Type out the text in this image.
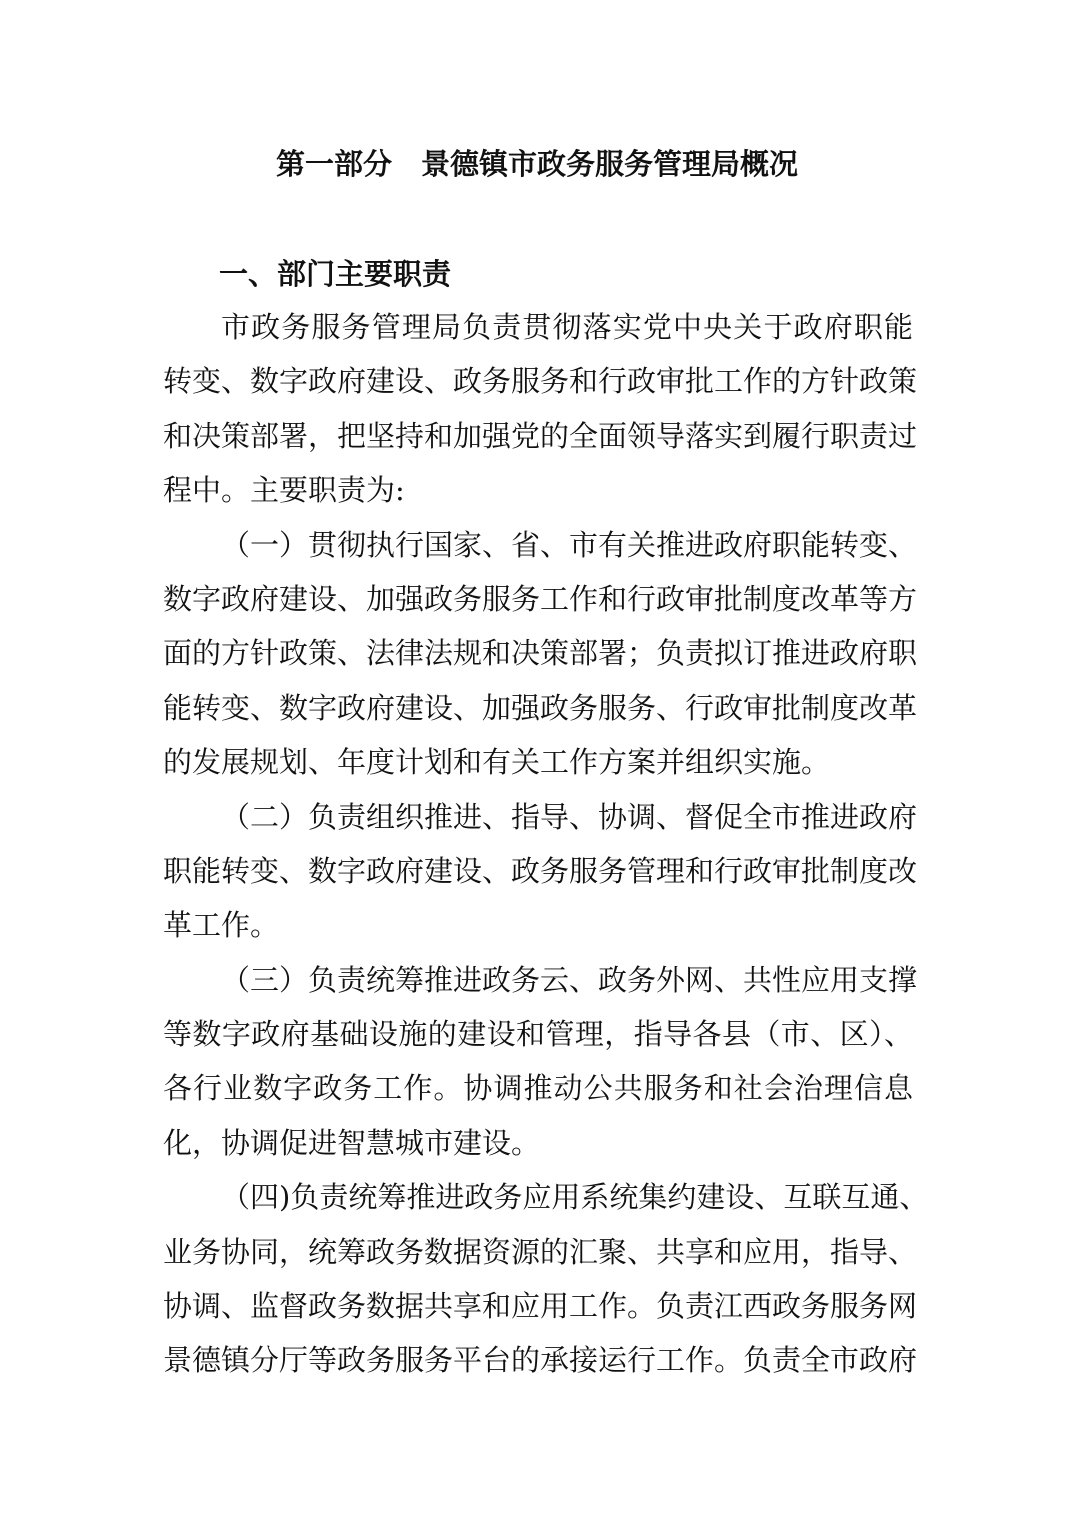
第一部分　景德镇市政务服务管理局概况
一、部门主要职责

市政务服务管理局负责贯彻落实党中央关于政府职能
转变、数字政府建设、政务服务和行政审批工作的方针政策
和决策部署，把坚持和加强党的全面领导落实到履行职责过
程中。主要职责为:

（一）贯彻执行国家、省、市有关推进政府职能转变、
数字政府建设、加强政务服务工作和行政审批制度改革等方
面的方针政策、法律法规和决策部署；负责拟订推进政府职
能转变、数字政府建设、加强政务服务、行政审批制度改革
的发展规划、年度计划和有关工作方案并组织实施。

（二）负责组织推进、指导、协调、督促全市推进政府
职能转变、数字政府建设、政务服务管理和行政审批制度改
革工作。

（三）负责统筹推进政务云、政务外网、共性应用支撑
等数字政府基础设施的建设和管理，指导各县（市、区）、
各行业数字政务工作。协调推动公共服务和社会治理信息
化，协调促进智慧城市建设。

（四)负责统筹推进政务应用系统集约建设、互联互通、
业务协同，统筹政务数据资源的汇聚、共享和应用，指导、
协调、监督政务数据共享和应用工作。负责江西政务服务网
景德镇分厅等政务服务平台的承接运行工作。负责全市政府
